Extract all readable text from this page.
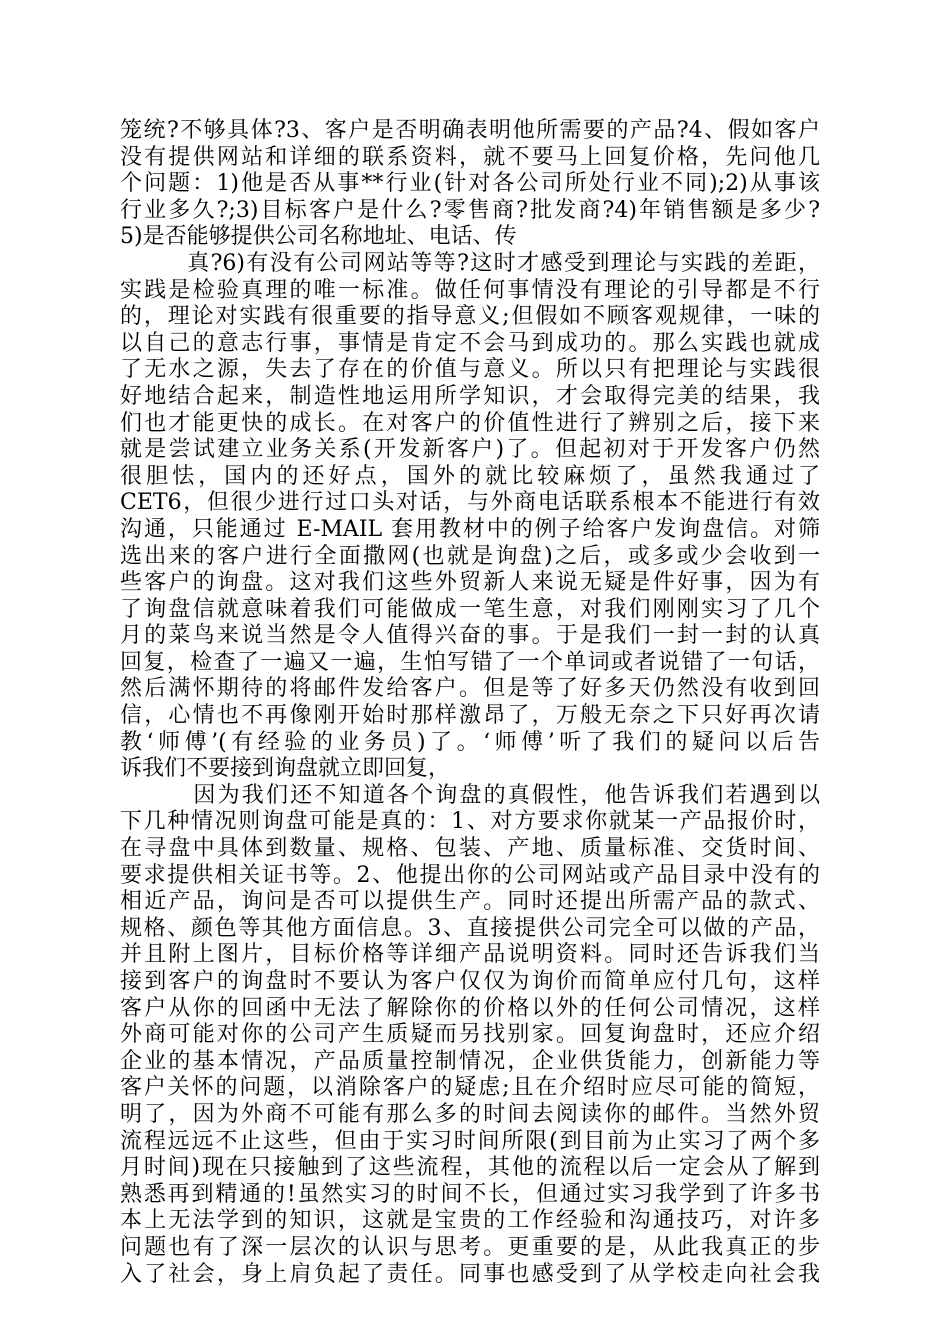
笼统?不够具体?3、客户是否明确表明他所需要的产品?4、假如客户
没有提供网站和详细的联系资料，就不要马上回复价格，先问他几
个问题：1)他是否从事**行业(针对各公司所处行业不同);2)从事该
行业多久?;3)目标客户是什么?零售商?批发商?4)年销售额是多少?
5)是否能够提供公司名称地址、电话、传
真?6)有没有公司网站等等?这时才感受到理论与实践的差距，
实践是检验真理的唯一标准。做任何事情没有理论的引导都是不行
的，理论对实践有很重要的指导意义;但假如不顾客观规律，一味的
以自己的意志行事，事情是肯定不会马到成功的。那么实践也就成
了无水之源，失去了存在的价值与意义。所以只有把理论与实践很
好地结合起来，制造性地运用所学知识，才会取得完美的结果，我
们也才能更快的成长。在对客户的价值性进行了辨别之后，接下来
就是尝试建立业务关系(开发新客户)了。但起初对于开发客户仍然
很胆怯，国内的还好点，国外的就比较麻烦了，虽然我通过了
CET6，但很少进行过口头对话，与外商电话联系根本不能进行有效
沟通，只能通过 E-MAIL 套用教材中的例子给客户发询盘信。对筛
选出来的客户进行全面撒网(也就是询盘)之后，或多或少会收到一
些客户的询盘。这对我们这些外贸新人来说无疑是件好事，因为有
了询盘信就意味着我们可能做成一笔生意，对我们刚刚实习了几个
月的菜鸟来说当然是令人值得兴奋的事。于是我们一封一封的认真
回复，检查了一遍又一遍，生怕写错了一个单词或者说错了一句话，
然后满怀期待的将邮件发给客户。但是等了好多天仍然没有收到回
信，心情也不再像刚开始时那样激昂了，万般无奈之下只好再次请
教‘师傅’(有经验的业务员)了。‘师傅’听了我们的疑问以后告
诉我们不要接到询盘就立即回复，
因为我们还不知道各个询盘的真假性，他告诉我们若遇到以
下几种情况则询盘可能是真的：1、对方要求你就某一产品报价时，
在寻盘中具体到数量、规格、包装、产地、质量标准、交货时间、
要求提供相关证书等。2、他提出你的公司网站或产品目录中没有的
相近产品，询问是否可以提供生产。同时还提出所需产品的款式、
规格、颜色等其他方面信息。3、直接提供公司完全可以做的产品，
并且附上图片，目标价格等详细产品说明资料。同时还告诉我们当
接到客户的询盘时不要认为客户仅仅为询价而简单应付几句，这样
客户从你的回函中无法了解除你的价格以外的任何公司情况，这样
外商可能对你的公司产生质疑而另找别家。回复询盘时，还应介绍
企业的基本情况，产品质量控制情况，企业供货能力，创新能力等
客户关怀的问题，以消除客户的疑虑;且在介绍时应尽可能的简短，
明了，因为外商不可能有那么多的时间去阅读你的邮件。当然外贸
流程远远不止这些，但由于实习时间所限(到目前为止实习了两个多
月时间)现在只接触到了这些流程，其他的流程以后一定会从了解到
熟悉再到精通的!虽然实习的时间不长，但通过实习我学到了许多书
本上无法学到的知识，这就是宝贵的工作经验和沟通技巧，对许多
问题也有了深一层次的认识与思考。更重要的是，从此我真正的步
入了社会，身上肩负起了责任。同事也感受到了从学校走向社会我
